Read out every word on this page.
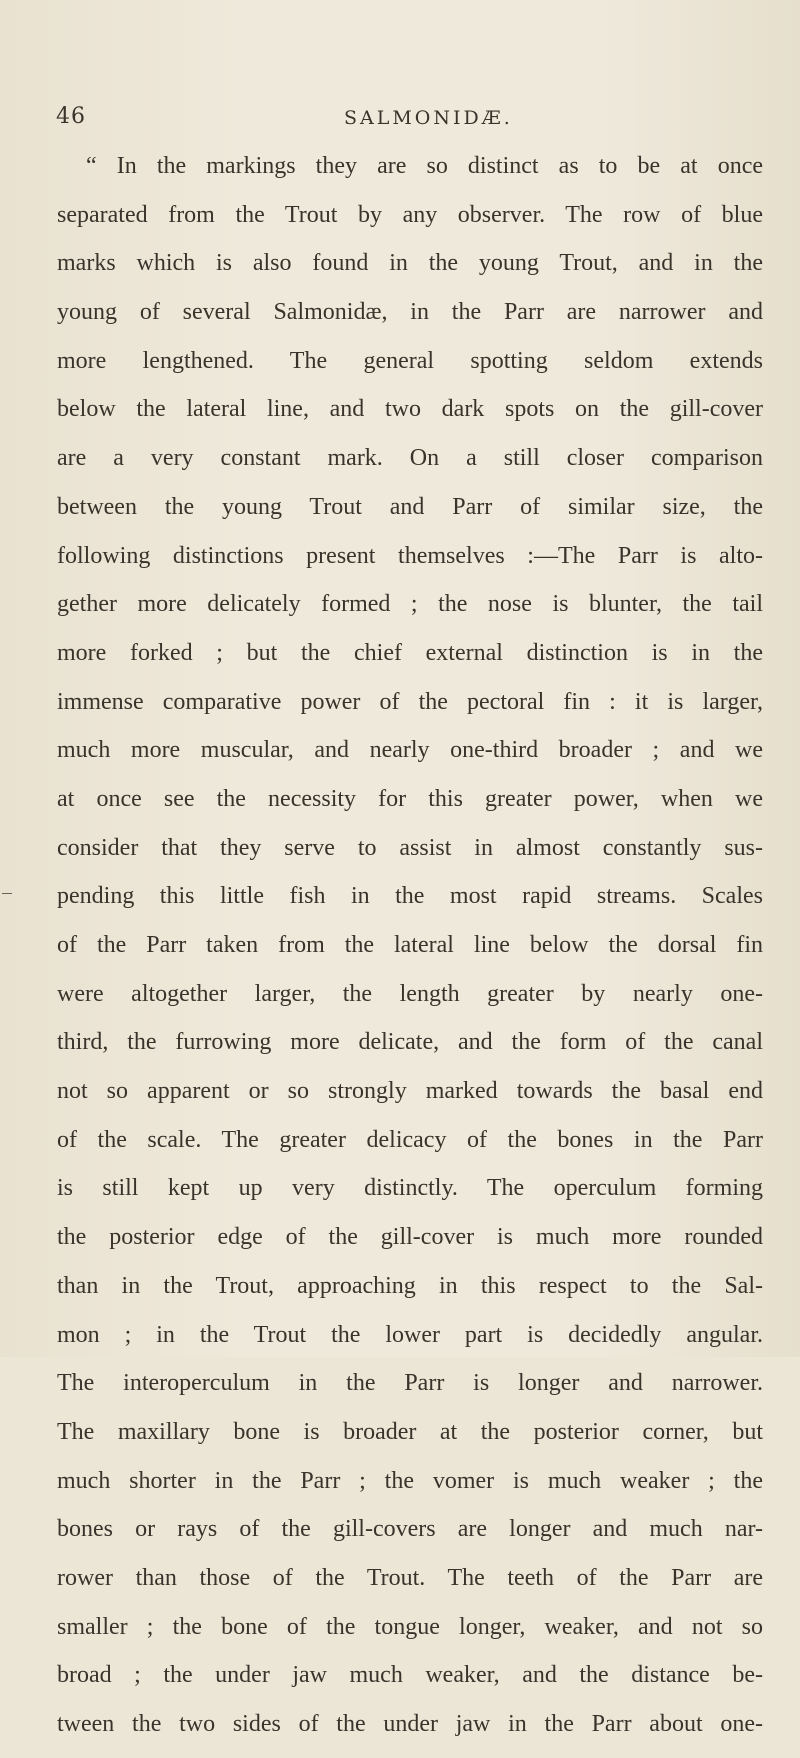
46	SALMONIDÆ.
“ In the markings they are so distinct as to be at once
separated from the Trout by any observer. The row of blue
marks which is also found in the young Trout, and in the
young of several Salmonidæ, in the Parr are narrower and
more lengthened. The general spotting seldom extends
below the lateral line, and two dark spots on the gill-cover
are a very constant mark. On a still closer comparison
between the young Trout and Parr of similar size, the
following distinctions present themselves :—The Parr is alto-
gether more delicately formed ; the nose is blunter, the tail
more forked ; but the chief external distinction is in the
immense comparative power of the pectoral fin : it is larger,
much more muscular, and nearly one-third broader ; and we
at once see the necessity for this greater power, when we
consider that they serve to assist in almost constantly sus-
pending this little fish in the most rapid streams. Scales
of the Parr taken from the lateral line below the dorsal fin
were altogether larger, the length greater by nearly one-
third, the furrowing more delicate, and the form of the canal
not so apparent or so strongly marked towards the basal end
of the scale. The greater delicacy of the bones in the Parr
is still kept up very distinctly. The operculum forming
the posterior edge of the gill-cover is much more rounded
than in the Trout, approaching in this respect to the Sal-
mon ; in the Trout the lower part is decidedly angular.
The interoperculum in the Parr is longer and narrower.
The maxillary bone is broader at the posterior corner, but
much shorter in the Parr ; the vomer is much weaker ; the
bones or rays of the gill-covers are longer and much nar-
rower than those of the Trout. The teeth of the Parr are
smaller ; the bone of the tongue longer, weaker, and not so
broad ; the under jaw much weaker, and the distance be-
tween the two sides of the under jaw in the Parr about one-
